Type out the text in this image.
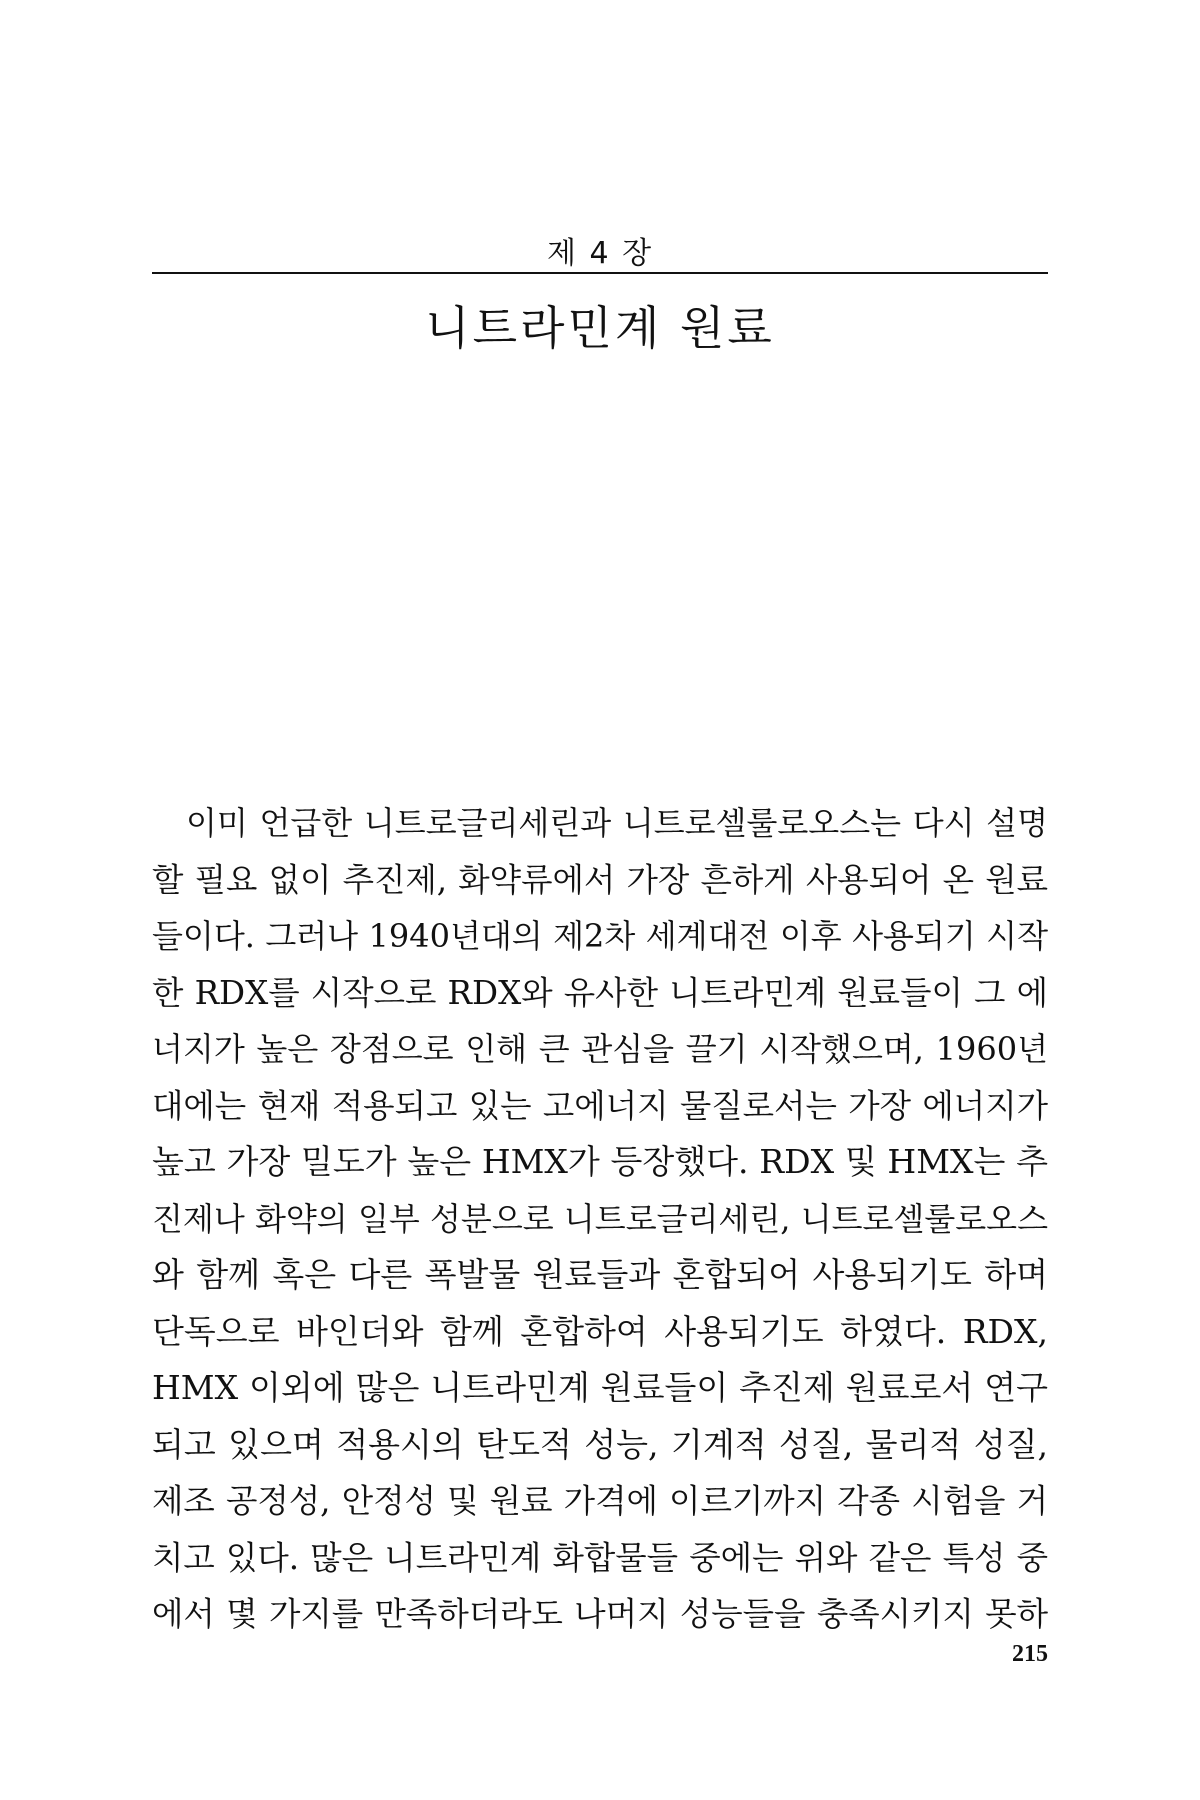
제 4 장
니트라민계 원료
이미 언급한 니트로글리세린과 니트로셀룰로오스는 다시 설명
할 필요 없이 추진제, 화약류에서 가장 흔하게 사용되어 온 원료
들이다. 그러나 1940년대의 제2차 세계대전 이후 사용되기 시작
한 RDX를 시작으로 RDX와 유사한 니트라민계 원료들이 그 에
너지가 높은 장점으로 인해 큰 관심을 끌기 시작했으며, 1960년
대에는 현재 적용되고 있는 고에너지 물질로서는 가장 에너지가
높고 가장 밀도가 높은 HMX가 등장했다. RDX 및 HMX는 추
진제나 화약의 일부 성분으로 니트로글리세린, 니트로셀룰로오스
와 함께 혹은 다른 폭발물 원료들과 혼합되어 사용되기도 하며
단독으로 바인더와 함께 혼합하여 사용되기도 하였다. RDX,
HMX 이외에 많은 니트라민계 원료들이 추진제 원료로서 연구
되고 있으며 적용시의 탄도적 성능, 기계적 성질, 물리적 성질,
제조 공정성, 안정성 및 원료 가격에 이르기까지 각종 시험을 거
치고 있다. 많은 니트라민계 화합물들 중에는 위와 같은 특성 중
에서 몇 가지를 만족하더라도 나머지 성능들을 충족시키지 못하
215
